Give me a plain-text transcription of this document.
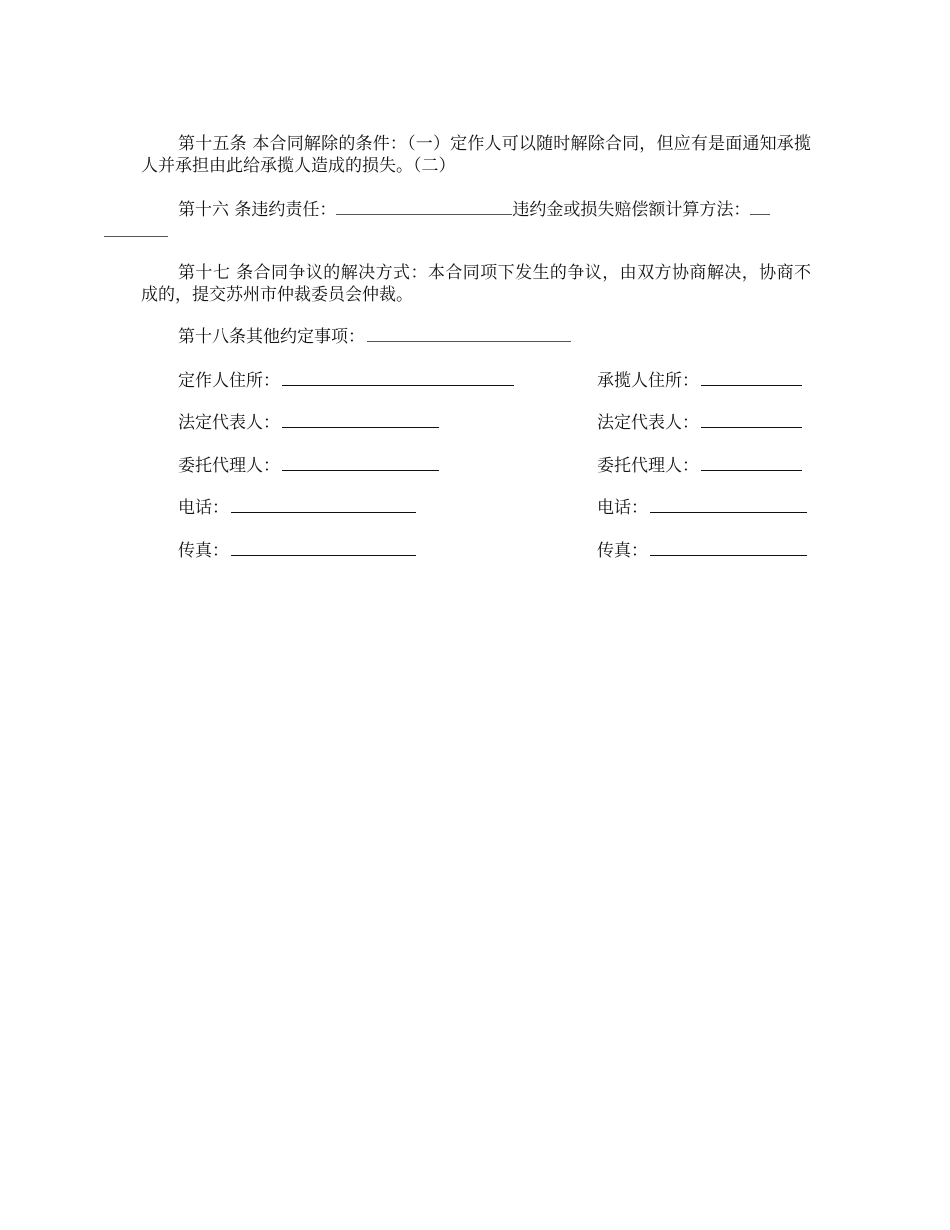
第十五条 本合同解除的条件：（一）定作人可以随时解除合同，但应有是面通知承揽人并承担由此给承揽人造成的损失。（二）
第十六 条违约责任：	违约金或损失赔偿额计算方法：

第十七 条合同争议的解决方式：本合同项下发生的争议，由双方协商解决，协商不成的，提交苏州市仲裁委员会仲裁。
第十八条其他约定事项：
定作人住所：
法定代表人：
委托代理人：
电话：
传真：
承揽人住所：
法定代表人：
委托代理人：
电话：
传真：
